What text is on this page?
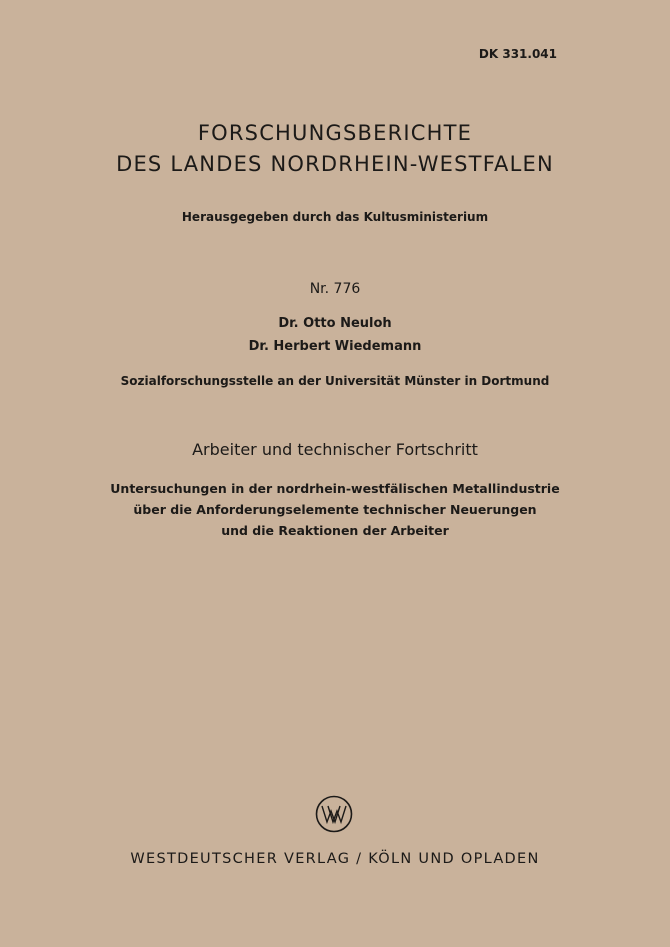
DK 331.041
FORSCHUNGSBERICHTE
DES LANDES NORDRHEIN-WESTFALEN
Herausgegeben durch das Kultusministerium
Nr. 776
Dr. Otto Neuloh
Dr. Herbert Wiedemann
Sozialforschungsstelle an der Universität Münster in Dortmund
Arbeiter und technischer Fortschritt
Untersuchungen in der nordrhein-westfälischen Metallindustrie
über die Anforderungselemente technischer Neuerungen
und die Reaktionen der Arbeiter
WESTDEUTSCHER VERLAG / KÖLN UND OPLADEN
